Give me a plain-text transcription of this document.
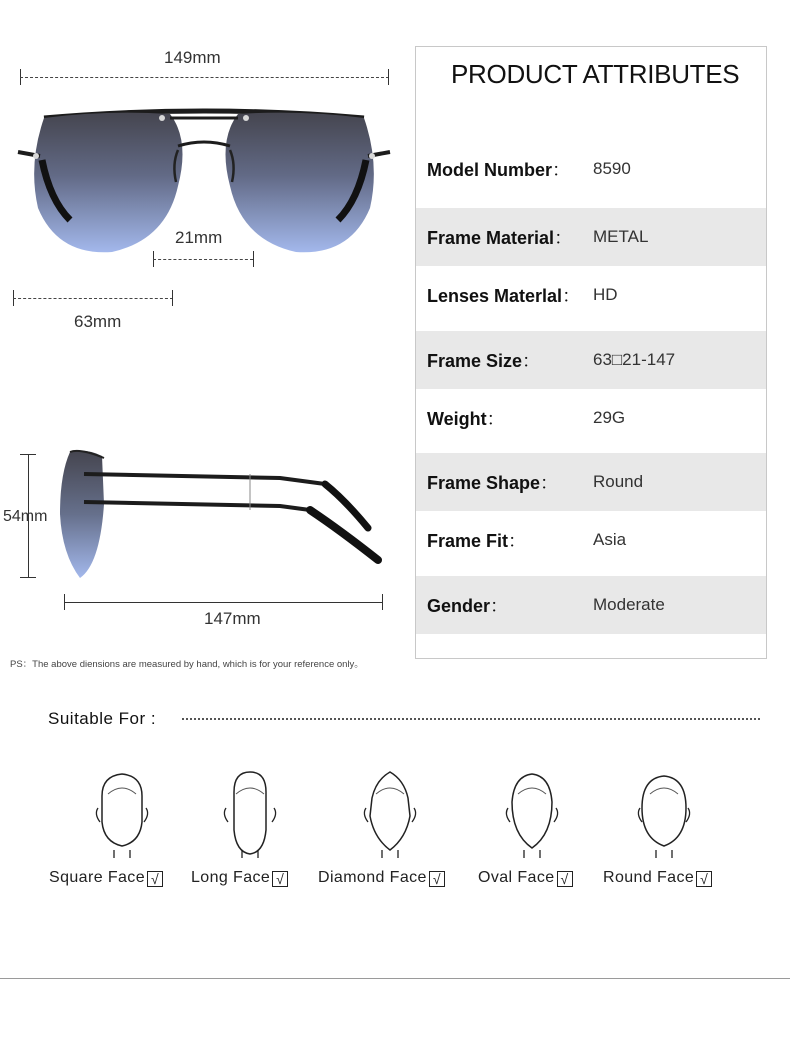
149mm
21mm
63mm
54mm
147mm
PS：The above diensions are measured by hand, which is for your reference only。
PRODUCT ATTRIBUTES
Model Number： 8590
Frame Material： METAL
Lenses Materlal： HD
Frame Size：	63□21-147
Weight：	29G
Frame Shape： Round
Frame Fit：	Asia
Gender：	Moderate
Suitable For :
Square Face √ Long Face √ Diamond Face √ Oval Face √ Round Face √
